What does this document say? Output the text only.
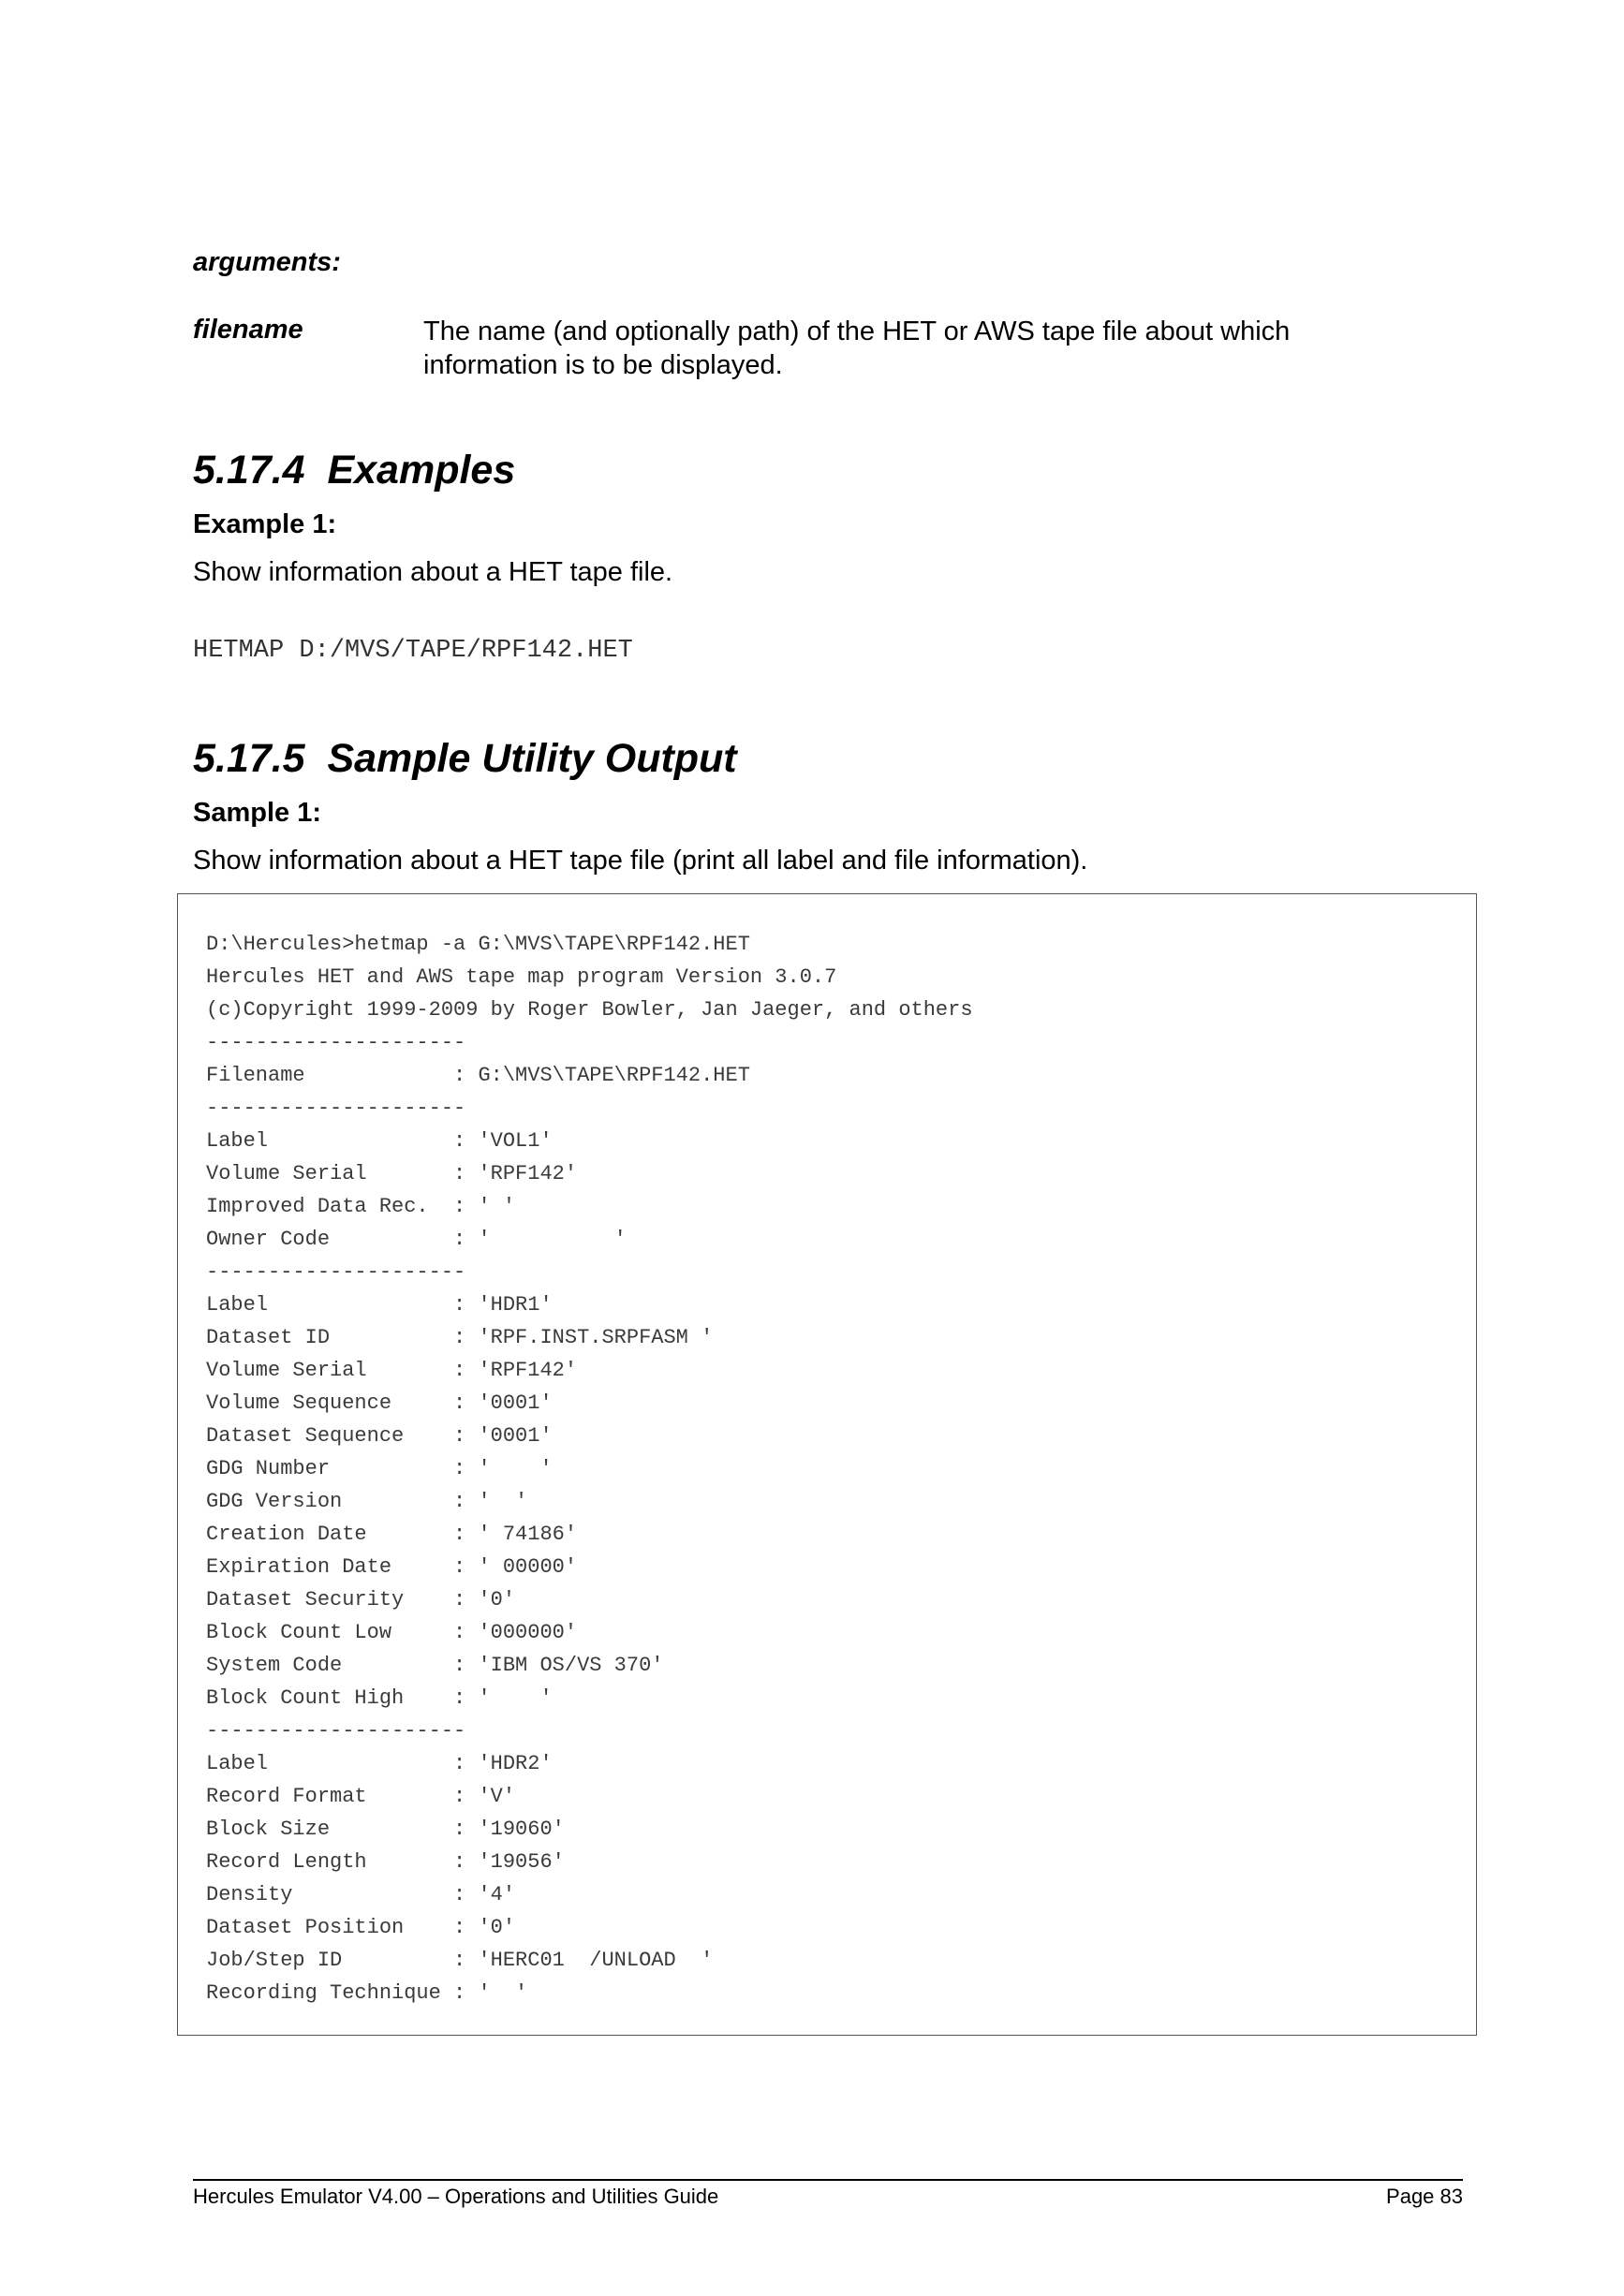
arguments:
filename	The name (and optionally path) of the HET or AWS tape file about which information is to be displayed.
5.17.4  Examples
Example 1:
Show information about a HET tape file.
HETMAP D:/MVS/TAPE/RPF142.HET
5.17.5  Sample Utility Output
Sample 1:
Show information about a HET tape file (print all label and file information).
D:\Hercules>hetmap -a G:\MVS\TAPE\RPF142.HET
Hercules HET and AWS tape map program Version 3.0.7
(c)Copyright 1999-2009 by Roger Bowler, Jan Jaeger, and others
---------------------
Filename            : G:\MVS\TAPE\RPF142.HET
---------------------
Label               : 'VOL1'
Volume Serial       : 'RPF142'
Improved Data Rec.  : ' '
Owner Code          : '          '
---------------------
Label               : 'HDR1'
Dataset ID          : 'RPF.INST.SRPFASM '
Volume Serial       : 'RPF142'
Volume Sequence     : '0001'
Dataset Sequence    : '0001'
GDG Number          : '    '
GDG Version         : '  '
Creation Date       : ' 74186'
Expiration Date     : ' 00000'
Dataset Security    : '0'
Block Count Low     : '000000'
System Code         : 'IBM OS/VS 370'
Block Count High    : '    '
---------------------
Label               : 'HDR2'
Record Format       : 'V'
Block Size          : '19060'
Record Length       : '19056'
Density             : '4'
Dataset Position    : '0'
Job/Step ID         : 'HERC01  /UNLOAD  '
Recording Technique : '  '
Hercules Emulator V4.00 – Operations and Utilities Guide	Page 83
